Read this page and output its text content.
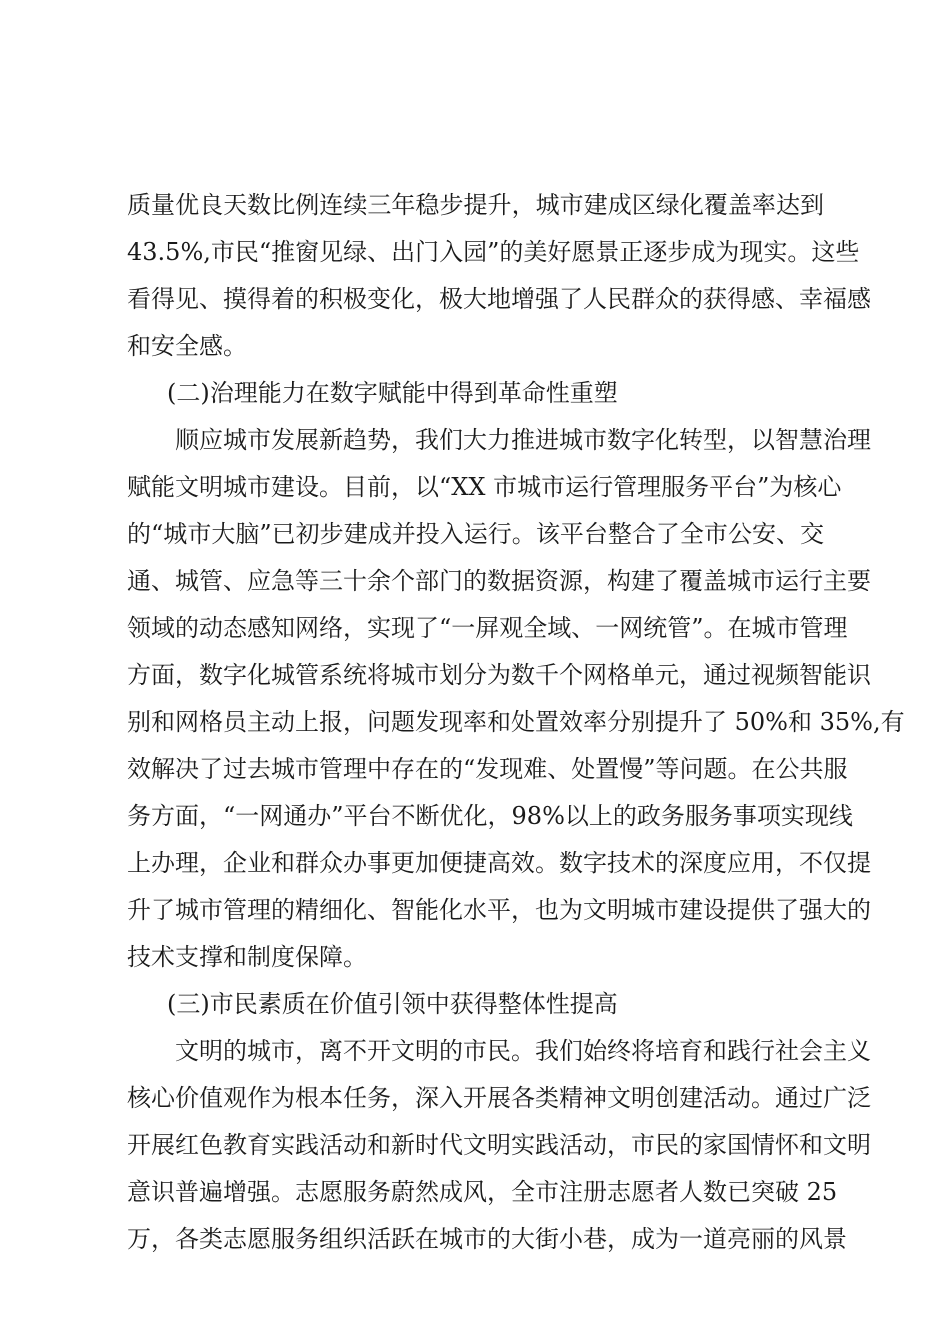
质量优良天数比例连续三年稳步提升，城市建成区绿化覆盖率达到
43.5%,市民“推窗见绿、出门入园”的美好愿景正逐步成为现实。这些
看得见、摸得着的积极变化，极大地增强了人民群众的获得感、幸福感
和安全感。
(二)治理能力在数字赋能中得到革命性重塑
顺应城市发展新趋势，我们大力推进城市数字化转型，以智慧治理
赋能文明城市建设。目前，以“XX 市城市运行管理服务平台”为核心
的“城市大脑”已初步建成并投入运行。该平台整合了全市公安、交
通、城管、应急等三十余个部门的数据资源，构建了覆盖城市运行主要
领域的动态感知网络，实现了“一屏观全域、一网统管”。在城市管理
方面，数字化城管系统将城市划分为数千个网格单元，通过视频智能识
别和网格员主动上报，问题发现率和处置效率分别提升了 50%和 35%,有
效解决了过去城市管理中存在的“发现难、处置慢”等问题。在公共服
务方面，“一网通办”平台不断优化，98%以上的政务服务事项实现线
上办理，企业和群众办事更加便捷高效。数字技术的深度应用，不仅提
升了城市管理的精细化、智能化水平，也为文明城市建设提供了强大的
技术支撑和制度保障。
(三)市民素质在价值引领中获得整体性提高
文明的城市，离不开文明的市民。我们始终将培育和践行社会主义
核心价值观作为根本任务，深入开展各类精神文明创建活动。通过广泛
开展红色教育实践活动和新时代文明实践活动，市民的家国情怀和文明
意识普遍增强。志愿服务蔚然成风，全市注册志愿者人数已突破 25
万，各类志愿服务组织活跃在城市的大街小巷，成为一道亮丽的风景
